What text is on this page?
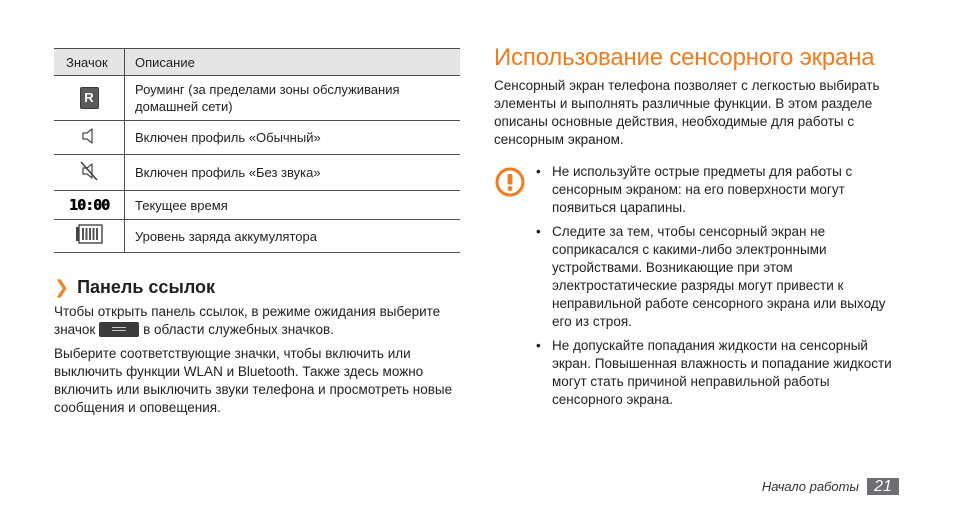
Значок	Описание
R	Роуминг (за пределами зоны обслуживания домашней сети)
	Включен профиль «Обычный»
	Включен профиль «Без звука»
10:00	Текущее время
	Уровень заряда аккумулятора
❯ Панель ссылок

Чтобы открыть панель ссылок, в режиме ожидания выберите значок	в области служебных значков.

Выберите соответствующие значки, чтобы включить или выключить функции WLAN и Bluetooth. Также здесь можно включить или выключить звуки телефона и просмотреть новые сообщения и оповещения.

Использование сенсорного экрана

Сенсорный экран телефона позволяет с легкостью выбирать элементы и выполнять различные функции. В этом разделе описаны основные действия, необходимые для работы с сенсорным экраном.

• Не используйте острые предметы для работы с сенсорным экраном: на его поверхности могут появиться царапины.
• Следите за тем, чтобы сенсорный экран не соприкасался с какими-либо электронными устройствами. Возникающие при этом электростатические разряды могут привести к неправильной работе сенсорного экрана или выходу его из строя.
• Не допускайте попадания жидкости на сенсорный экран. Повышенная влажность и попадание жидкости могут стать причиной неправильной работы сенсорного экрана.
Начало работы 21
